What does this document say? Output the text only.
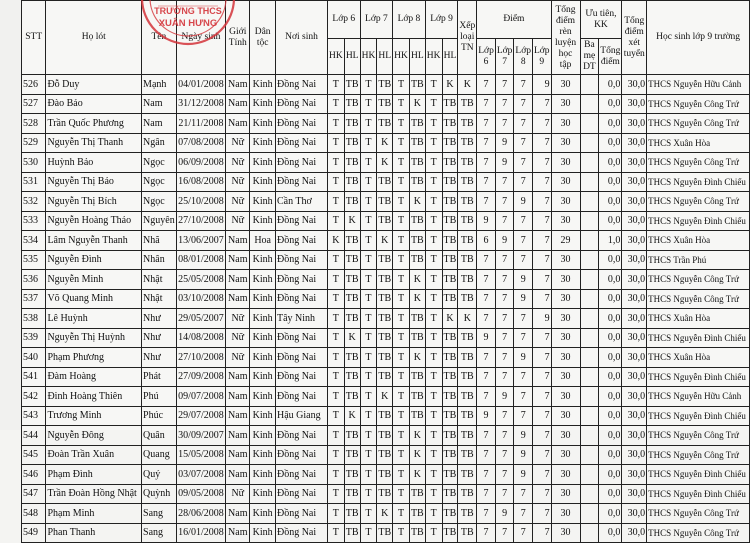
STT	Họ lót	Tên	Ngày sinh	Giới Tính	Dân tộc	Nơi sinh	Lớp 6		Lớp 7		Lớp 8		Lớp 9		Xếp loại TN	Điểm				Tổng điểm rèn luyện học tập	Ưu tiên, KK		Tổng điểm xét tuyển	Học sinh lớp 9 trường
							HK	HL	HK	HL	HK	HL	HK	HL		Lớp 6	Lớp 7	Lớp 8	Lớp 9		Ba mẹ DT	Tổng điểm		
526	Đỗ Duy	Mạnh	04/01/2008	Nam	Kinh	Đồng Nai	T	TB	T	TB	T	TB	T	K	K	7	7	7	9	30		0,0	30,0	THCS Nguyễn Hữu Cảnh
527	Đào Bảo	Nam	31/12/2008	Nam	Kinh	Đồng Nai	T	TB	T	TB	T	K	T	TB	TB	7	7	7	7	30		0,0	30,0	THCS Nguyễn Công Trứ
528	Trần Quốc Phương	Nam	21/11/2008	Nam	Kinh	Đồng Nai	T	TB	T	TB	T	TB	T	TB	TB	7	7	7	7	30		0,0	30,0	THCS Nguyễn Công Trứ
529	Nguyễn Thị Thanh	Ngân	07/08/2008	Nữ	Kinh	Đồng Nai	T	TB	T	K	T	TB	T	TB	TB	7	9	7	7	30		0,0	30,0	THCS Xuân Hòa
530	Huỳnh Bảo	Ngọc	06/09/2008	Nữ	Kinh	Đồng Nai	T	TB	T	K	T	TB	T	TB	TB	7	9	7	7	30		0,0	30,0	THCS Nguyễn Công Trứ
531	Nguyễn Thị Bảo	Ngọc	16/08/2008	Nữ	Kinh	Đồng Nai	T	TB	T	TB	T	TB	T	TB	TB	7	7	7	7	30		0,0	30,0	THCS Nguyễn Đình Chiểu
532	Nguyễn Thị Bích	Ngọc	25/10/2008	Nữ	Kinh	Cần Thơ	T	TB	T	TB	T	K	T	TB	TB	7	7	9	7	30		0,0	30,0	THCS Nguyễn Công Trứ
533	Nguyễn Hoàng Thảo	Nguyên	27/10/2008	Nữ	Kinh	Đồng Nai	T	K	T	TB	T	TB	T	TB	TB	9	7	7	7	30		0,0	30,0	THCS Nguyễn Đình Chiểu
534	Lâm Nguyễn Thanh	Nhã	13/06/2007	Nam	Hoa	Đồng Nai	K	TB	T	K	T	TB	T	TB	TB	6	9	7	7	29		1,0	30,0	THCS Xuân Hòa
535	Nguyễn Đình	Nhân	08/01/2008	Nam	Kinh	Đồng Nai	T	TB	T	TB	T	TB	T	TB	TB	7	7	7	7	30		0,0	30,0	THCS Trần Phú
536	Nguyễn Minh	Nhật	25/05/2008	Nam	Kinh	Đồng Nai	T	TB	T	TB	T	K	T	TB	TB	7	7	9	7	30		0,0	30,0	THCS Nguyễn Công Trứ
537	Võ Quang Minh	Nhật	03/10/2008	Nam	Kinh	Đồng Nai	T	TB	T	TB	T	K	T	TB	TB	7	7	9	7	30		0,0	30,0	THCS Nguyễn Công Trứ
538	Lê Huỳnh	Như	29/05/2007	Nữ	Kinh	Tây Ninh	T	TB	T	TB	T	TB	T	K	K	7	7	7	9	30		0,0	30,0	THCS Xuân Hòa
539	Nguyễn Thị Huỳnh	Như	14/08/2008	Nữ	Kinh	Đồng Nai	T	K	T	TB	T	TB	T	TB	TB	9	7	7	7	30		0,0	30,0	THCS Nguyễn Đình Chiểu
540	Phạm Phương	Như	27/10/2008	Nữ	Kinh	Đồng Nai	T	TB	T	TB	T	K	T	TB	TB	7	7	9	7	30		0,0	30,0	THCS Xuân Hòa
541	Đàm Hoàng	Phát	27/09/2008	Nam	Kinh	Đồng Nai	T	TB	T	TB	T	TB	T	TB	TB	7	7	7	7	30		0,0	30,0	THCS Nguyễn Đình Chiểu
542	Đinh Hoàng Thiên	Phú	09/07/2008	Nam	Kinh	Đồng Nai	T	TB	T	K	T	TB	T	TB	TB	7	9	7	7	30		0,0	30,0	THCS Nguyễn Hữu Cảnh
543	Trương Minh	Phúc	29/07/2008	Nam	Kinh	Hậu Giang	T	K	T	TB	T	TB	T	TB	TB	9	7	7	7	30		0,0	30,0	THCS Nguyễn Đình Chiểu
544	Nguyễn Đông	Quân	30/09/2007	Nam	Kinh	Đồng Nai	T	TB	T	TB	T	K	T	TB	TB	7	7	9	7	30		0,0	30,0	THCS Nguyễn Công Trứ
545	Đoàn Trần Xuân	Quang	15/05/2008	Nam	Kinh	Đồng Nai	T	TB	T	TB	T	K	T	TB	TB	7	7	9	7	30		0,0	30,0	THCS Nguyễn Công Trứ
546	Phạm Đình	Quý	03/07/2008	Nam	Kinh	Đồng Nai	T	TB	T	TB	T	K	T	TB	TB	7	7	9	7	30		0,0	30,0	THCS Nguyễn Đình Chiểu
547	Trần Đoàn Hồng Nhật	Quỳnh	09/05/2008	Nữ	Kinh	Đồng Nai	T	TB	T	TB	T	TB	T	TB	TB	7	7	7	7	30		0,0	30,0	THCS Nguyễn Đình Chiểu
548	Phạm Minh	Sang	28/06/2008	Nam	Kinh	Đồng Nai	T	TB	T	K	T	TB	T	TB	TB	7	9	7	7	30		0,0	30,0	THCS Nguyễn Công Trứ
549	Phan Thanh	Sang	16/01/2008	Nam	Kinh	Đồng Nai	T	TB	T	TB	T	TB	T	TB	TB	7	7	7	7	30		0,0	30,0	THCS Nguyễn Công Trứ
TRƯỜNG THCS
XUÂN HƯNG
